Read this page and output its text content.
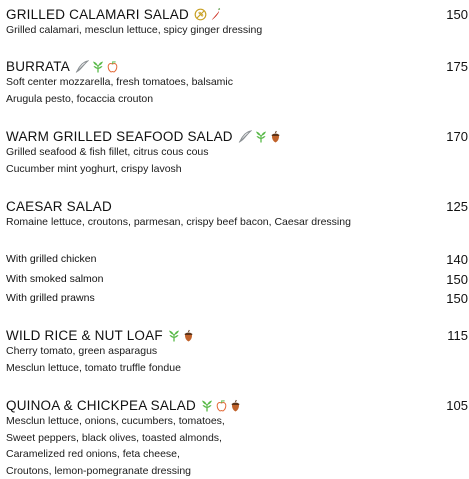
GRILLED CALAMARI SALAD	150
Grilled calamari, mesclun lettuce, spicy ginger dressing
BURRATA	175
Soft center mozzarella, fresh tomatoes, balsamic
Arugula pesto, focaccia crouton
WARM GRILLED SEAFOOD SALAD	170
Grilled seafood & fish fillet, citrus cous cous
Cucumber mint yoghurt, crispy lavosh
CAESAR SALAD	125
Romaine lettuce, croutons, parmesan, crispy beef bacon, Caesar dressing
With grilled chicken	140
With smoked salmon	150
With grilled prawns	150
WILD RICE & NUT LOAF	115
Cherry tomato, green asparagus
Mesclun lettuce, tomato truffle fondue
QUINOA & CHICKPEA SALAD	105
Mesclun lettuce, onions, cucumbers, tomatoes,
Sweet peppers, black olives, toasted almonds,
Caramelized red onions, feta cheese,
Croutons, lemon-pomegranate dressing
